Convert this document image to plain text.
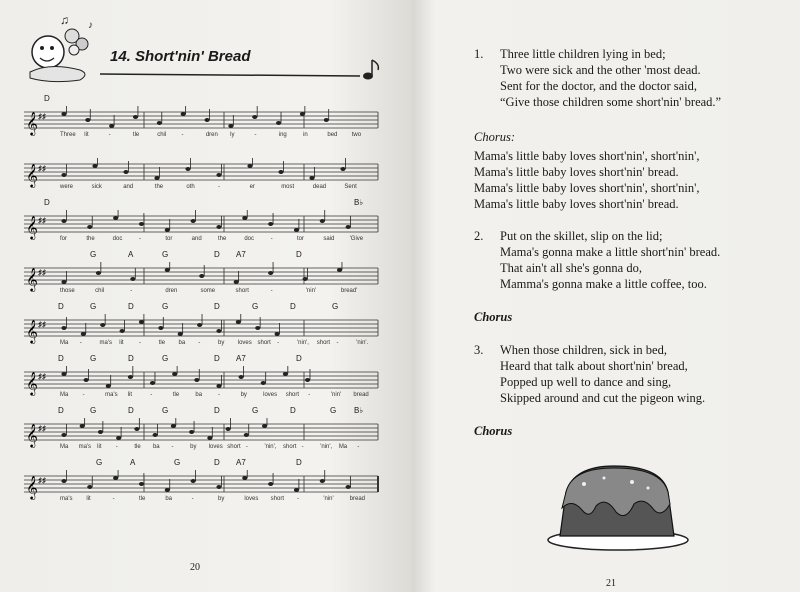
♫ ♪
14. Short'nin' Bread
D
𝄞 ♯♯
Three lit	-	tle	chil	-	dren ly	-	ing	in	bed two
𝄞 ♯♯
were	sick	and	the	oth	-	er	most	dead	Sent
D	B♭
𝄞 ♯♯
for	the	doc	-	tor	and	the	doc	-	tor	said	'Give
G	A	G	D A7	D
𝄞 ♯♯
those	chil	-	dren	some	short	-	'nin'	bread'
D	G	D	G	D	G	D	G
𝄞 ♯♯
Ma -	ma's lit	-	tle ba -	by loves short -	'nin', short -	'nin'.
D	G	D	G	D A7	D
𝄞 ♯♯
Ma -	ma's lit	-	tle	ba	-	by	loves short -	'nin' bread
D	G	D	G	D	G	D	G B♭
𝄞 ♯♯
Ma ma's lit -	tle ba -	by loves short -	'nin', short -	'nin', Ma -
G	A	G	D A7	D
𝄞 ♯♯
ma's lit	-	tle	ba	-	by	loves short -	'nin'	bread
20
1.	Three little children lying in bed;
Two were sick and the other 'most dead.
Sent for the doctor, and the doctor said,
“Give those children some short'nin' bread.”
Chorus:
Mama's little baby loves short'nin', short'nin',
Mama's little baby loves short'nin' bread.
Mama's little baby loves short'nin', short'nin',
Mama's little baby loves short'nin' bread.
2.	Put on the skillet, slip on the lid;
Mama's gonna make a little short'nin' bread.
That ain't all she's gonna do,
Mamma's gonna make a little coffee, too.
Chorus
3.	When those children, sick in bed,
Heard that talk about short'nin' bread,
Popped up well to dance and sing,
Skipped around and cut the pigeon wing.
Chorus
21
